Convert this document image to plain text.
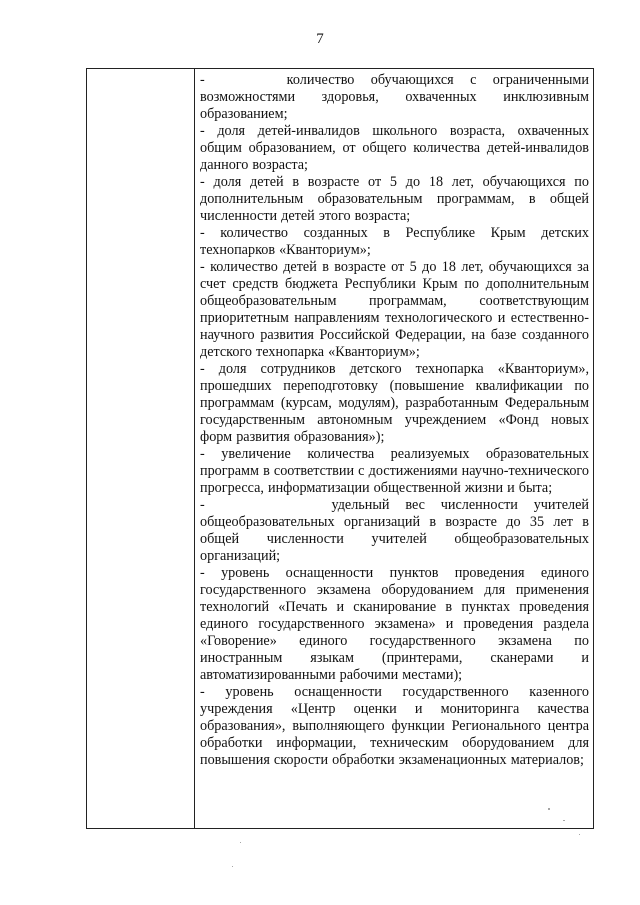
7

-     количество обучающихся с ограниченными возможностями здоровья, охваченных инклюзивным образованием;

- доля детей-инвалидов школьного возраста, охваченных общим образованием, от общего количества детей-инвалидов данного возраста;

- доля детей в возрасте от 5 до 18 лет, обучающихся по дополнительным образовательным программам, в общей численности детей этого возраста;

- количество созданных в Республике Крым детских технопарков «Кванториум»;

- количество детей в возрасте от 5 до 18 лет, обучающихся за счет средств бюджета Республики Крым по дополнительным общеобразовательным программам, соответствующим приоритетным направлениям технологического и естественно-научного развития Российской Федерации, на базе созданного детского технопарка «Кванториум»;

- доля сотрудников детского технопарка «Кванториум», прошедших переподготовку (повышение квалификации по программам (курсам, модулям), разработанным Федеральным государственным автономным учреждением «Фонд новых форм развития образования»);

- увеличение количества реализуемых образовательных программ в соответствии с достижениями научно-технического прогресса, информатизации общественной жизни и быта;

-        удельный вес численности учителей общеобразовательных организаций в возрасте до 35 лет в общей численности учителей общеобразовательных организаций;

- уровень оснащенности пунктов проведения единого государственного экзамена оборудованием для применения технологий «Печать и сканирование в пунктах проведения единого государственного экзамена» и проведения раздела «Говорение» единого государственного экзамена по иностранным языкам (принтерами, сканерами и автоматизированными рабочими местами);

- уровень оснащенности государственного казенного учреждения «Центр оценки и мониторинга качества образования», выполняющего функции Регионального центра обработки информации, техническим оборудованием для повышения скорости обработки экзаменационных материалов;
